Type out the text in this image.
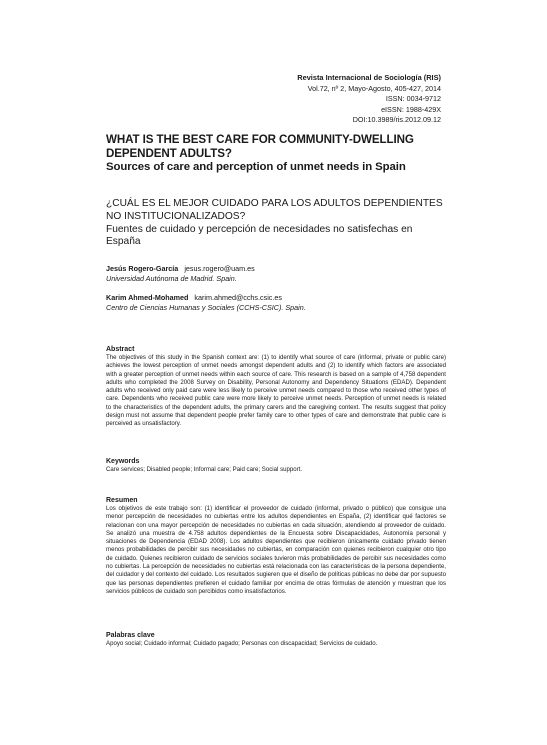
Revista Internacional de Sociología (RIS)
Vol.72, nº 2, Mayo-Agosto, 405-427, 2014
ISSN: 0034-9712
eISSN: 1988-429X
DOI:10.3989/ris.2012.09.12
WHAT IS THE BEST CARE FOR COMMUNITY-DWELLING DEPENDENT ADULTS?
Sources of care and perception of unmet needs in Spain
¿CUÁL ES EL MEJOR CUIDADO PARA LOS ADULTOS DEPENDIENTES NO INSTITUCIONALIZADOS?
Fuentes de cuidado y percepción de necesidades no satisfechas en España
Jesús Rogero-García jesus.rogero@uam.es
Universidad Autónoma de Madrid. Spain.
Karim Ahmed-Mohamed karim.ahmed@cchs.csic.es
Centro de Ciencias Humanas y Sociales (CCHS-CSIC). Spain.
Abstract
The objectives of this study in the Spanish context are: (1) to identify what source of care (informal, private or public care) achieves the lowest perception of unmet needs amongst dependent adults and (2) to identify which factors are associated with a greater perception of unmet needs within each source of care. This research is based on a sample of 4,758 dependent adults who completed the 2008 Survey on Disability, Personal Autonomy and Dependency Situations (EDAD). Dependent adults who received only paid care were less likely to perceive unmet needs compared to those who received other types of care. Dependents who received public care were more likely to perceive unmet needs. Perception of unmet needs is related to the characteristics of the dependent adults, the primary carers and the caregiving context. The results suggest that policy design must not assume that dependent people prefer family care to other types of care and demonstrate that public care is perceived as unsatisfactory.
Keywords
Care services; Disabled people; Informal care; Paid care; Social support.
Resumen
Los objetivos de este trabajo son: (1) identificar el proveedor de cuidado (informal, privado o público) que consigue una menor percepción de necesidades no cubiertas entre los adultos dependientes en España, (2) identificar qué factores se relacionan con una mayor percepción de necesidades no cubiertas en cada situación, atendiendo al proveedor de cuidado. Se analizó una muestra de 4.758 adultos dependientes de la Encuesta sobre Discapacidades, Autonomía personal y situaciones de Dependencia (EDAD 2008). Los adultos dependientes que recibieron únicamente cuidado privado tienen menos probabilidades de percibir sus necesidades no cubiertas, en comparación con quienes recibieron cualquier otro tipo de cuidado. Quienes recibieron cuidado de servicios sociales tuvieron más probabilidades de percibir sus necesidades como no cubiertas. La percepción de necesidades no cubiertas está relacionada con las características de la persona dependiente, del cuidador y del contexto del cuidado. Los resultados sugieren que el diseño de políticas públicas no debe dar por supuesto que las personas dependientes prefieren el cuidado familiar por encima de otras fórmulas de atención y muestran que los servicios públicos de cuidado son percibidos como insatisfactorios.
Palabras clave
Apoyo social; Cuidado informal; Cuidado pagado; Personas con discapacidad; Servicios de cuidado.
